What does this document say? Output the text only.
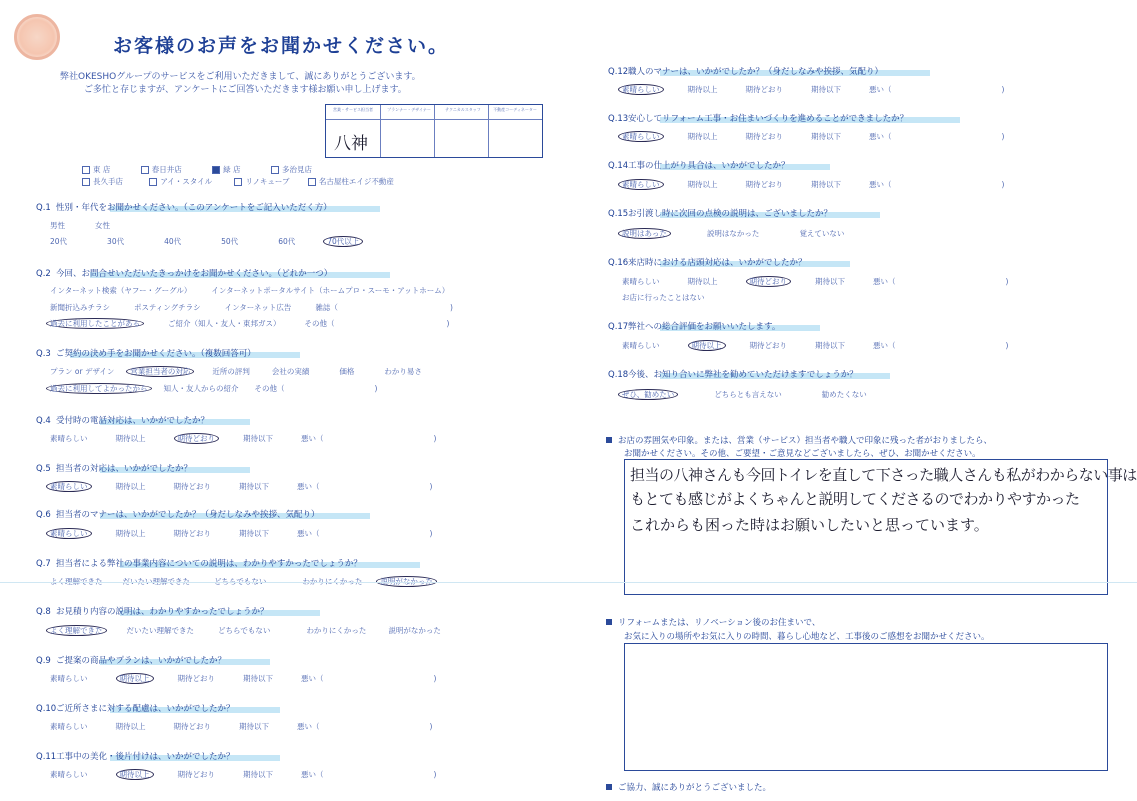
お客様のお声をお聞かせください。
弊社OKESHOグループのサービスをご利用いただきまして、誠にありがとうございます。
ご多忙と存じますが、アンケートにご回答いただきます様お願い申し上げます。
営業・サービス担当者	プランナー・デザイナー	テクニカルスタッフ	不動産コーディネーター
八神
東 店	春日井店	緑 店	多治見店
長久手店	アイ・スタイル	リノキューブ	名古屋柱エイジ不動産
Q.1 性別・年代をお聞かせください。（このアンケートをご記入いただく方）
男性	女性
20代	30代	40代	50代	60代	70代以上
Q.2 今回、お問合せいただいたきっかけをお聞かせください。（どれか一つ）
インターネット検索（ヤフー・グーグル）	インターネットポータルサイト（ホームプロ・スーモ・アットホーム）
新聞折込みチラシ	ポスティングチラシ	インターネット広告	雑誌（	)
過去に利用したことがある	ご紹介（知人・友人・東邦ガス）	その他（	)
Q.3 ご契約の決め手をお聞かせください。（複数回答可）
プラン or デザイン 営業担当者の対応	近所の評判	会社の実績	価格	わかり易さ
過去に利用してよかったから 知人・友人からの紹介 その他（	)
Q.4 受付時の電話対応は、いかがでしたか？
素晴らしい	期待以上	期待どおり	期待以下	悪い（	)
Q.5 担当者の対応は、いかがでしたか？
素晴らしい	期待以上	期待どおり	期待以下	悪い（	)
Q.6 担当者のマナーは、いかがでしたか？（身だしなみや挨拶、気配り）
素晴らしい	期待以上	期待どおり	期待以下	悪い（	)
Q.7 担当者による弊社の事業内容についての説明は、わかりやすかったでしょうか？
Q.8 お見積り内容の説明は、わかりやすかったでしょうか？
よく理解できた	だいたい理解できた	どちらでもない	わかりにくかった	説明がなかった
Q.9 ご提案の商品やプランは、いかがでしたか？
素晴らしい	期待以上	期待どおり	期待以下	悪い（	)
Q.10ご近所さまに対する配慮は、いかがでしたか？
素晴らしい	期待以上	期待どおり	期待以下	悪い（	)
Q.11工事中の美化・後片付けは、いかがでしたか？
素晴らしい	期待以上	期待どおり	期待以下	悪い（	)
Q.12職人のマナーは、いかがでしたか？（身だしなみや挨拶、気配り）
素晴らしい	期待以上	期待どおり	期待以下	悪い（	)
Q.13安心してリフォーム工事・お住まいづくりを進めることができましたか？
素晴らしい	期待以上	期待どおり	期待以下	悪い（	)
Q.14工事の仕上がり具合は、いかがでしたか？
素晴らしい	期待以上	期待どおり	期待以下	悪い（	)
Q.15お引渡し時に次回の点検の説明は、ございましたか？
説明はあった	説明はなかった	覚えていない
Q.16来店時における店頭対応は、いかがでしたか？
素晴らしい	期待以上	期待どおり	期待以下	悪い（	)
お店に行ったことはない
Q.17弊社への総合評価をお願いいたします。
素晴らしい	期待以上	期待どおり	期待以下	悪い（	)
Q.18今後、お知り合いに弊社を勧めていただけますでしょうか？
ぜひ、勧めたい	どちらとも言えない	勧めたくない
お店の雰囲気や印象。または、営業（サービス）担当者や職人で印象に残った者がおりましたら、
お聞かせください。その他、ご要望・ご意見などございましたら、ぜひ、お聞かせください。
担当の八神さんも今回トイレを直して下さった職人さんも私がわからない事は
もとても感じがよくちゃんと説明してくださるのでわかりやすかった
これからも困った時はお願いしたいと思っています。
リフォームまたは、リノベーション後のお住まいで、
お気に入りの場所やお気に入りの時間、暮らし心地など、工事後のご感想をお聞かせください。
ご協力、誠にありがとうございました。
